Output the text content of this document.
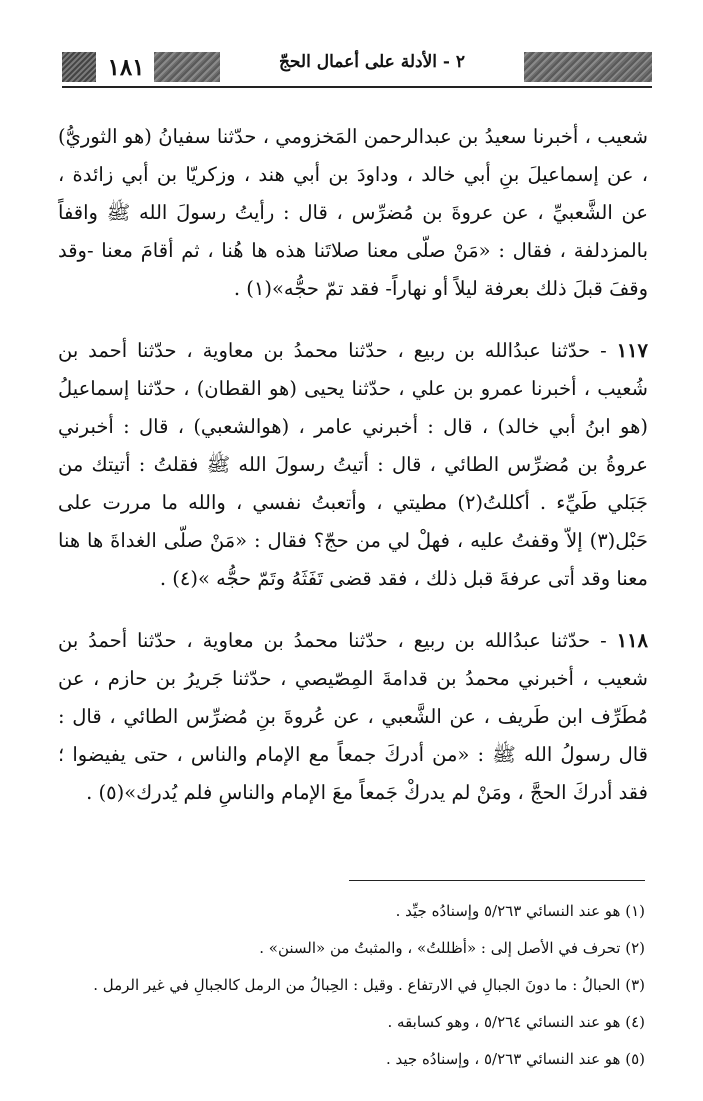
٢ - الأدلة على أعمال الحجّ
١٨١

شعيب ، أخبرنا سعيدُ بن عبدالرحمن المَخزومي ، حدّثنا سفيانُ (هو الثوريُّ) ، عن إسماعيلَ بنِ أبي خالد ، وداودَ بن أبي هند ، وزكريّا بن أبي زائدة ، عن الشَّعبيِّ ، عن عروةَ بن مُضرِّس ، قال : رأيتُ رسولَ الله ﷺ واقفاً بالمزدلفة ، فقال : «مَنْ صلّى معنا صلاتَنا هذه ها هُنا ، ثم أقامَ معنا -وقد وقفَ قبلَ ذلك بعرفة ليلاً أو نهاراً- فقد تمّ حجُّه»(١) .

١١٧ - حدّثنا عبدُالله بن ربيع ، حدّثنا محمدُ بن معاوية ، حدّثنا أحمد بن شُعيب ، أخبرنا عمرو بن علي ، حدّثنا يحيى (هو القطان) ، حدّثنا إسماعيلُ (هو ابنُ أبي خالد) ، قال : أخبرني عامر ، (هوالشعبي) ، قال : أخبرني عروةُ بن مُضرِّس الطائي ، قال : أتيتُ رسولَ الله ﷺ فقلتُ : أتيتك من جَبَلي طَيِّء . أكللتُ(٢) مطيتي ، وأتعبتُ نفسي ، والله ما مررت على حَبْل(٣) إلاّ وقفتُ عليه ، فهلْ لي من حجّ؟ فقال : «مَنْ صلّى الغداةَ ها هنا معنا وقد أتى عرفةَ قبل ذلك ، فقد قضى تَفَثَهُ وتَمّ حجُّه »(٤) .

١١٨ - حدّثنا عبدُالله بن ربيع ، حدّثنا محمدُ بن معاوية ، حدّثنا أحمدُ بن شعيب ، أخبرني محمدُ بن قدامةَ المِصّيصي ، حدّثنا جَريرُ بن حازم ، عن مُطَرِّف ابن طَريف ، عن الشَّعبي ، عن عُروةَ بنِ مُضرِّس الطائي ، قال : قال رسولُ الله ﷺ : «من أدركَ جمعاً مع الإمام والناس ، حتى يفيضوا ؛ فقد أدركَ الحجَّ ، ومَنْ لم يدركْ جَمعاً معَ الإمام والناسِ فلم يُدرك»(٥) .

(١) هو عند النسائي ٥/٢٦٣ وإسنادُه جيِّد .

(٢) تحرف في الأصل إلى : «أظللتُ» ، والمثبتُ من «السنن» .

(٣) الحبالُ : ما دونَ الجبالِ في الارتفاع . وقيل : الحِبالُ من الرمل كالجبالِ في غير الرمل .

(٤) هو عند النسائي ٥/٢٦٤ ، وهو كسابقه .

(٥) هو عند النسائي ٥/٢٦٣ ، وإسنادُه جيد .
